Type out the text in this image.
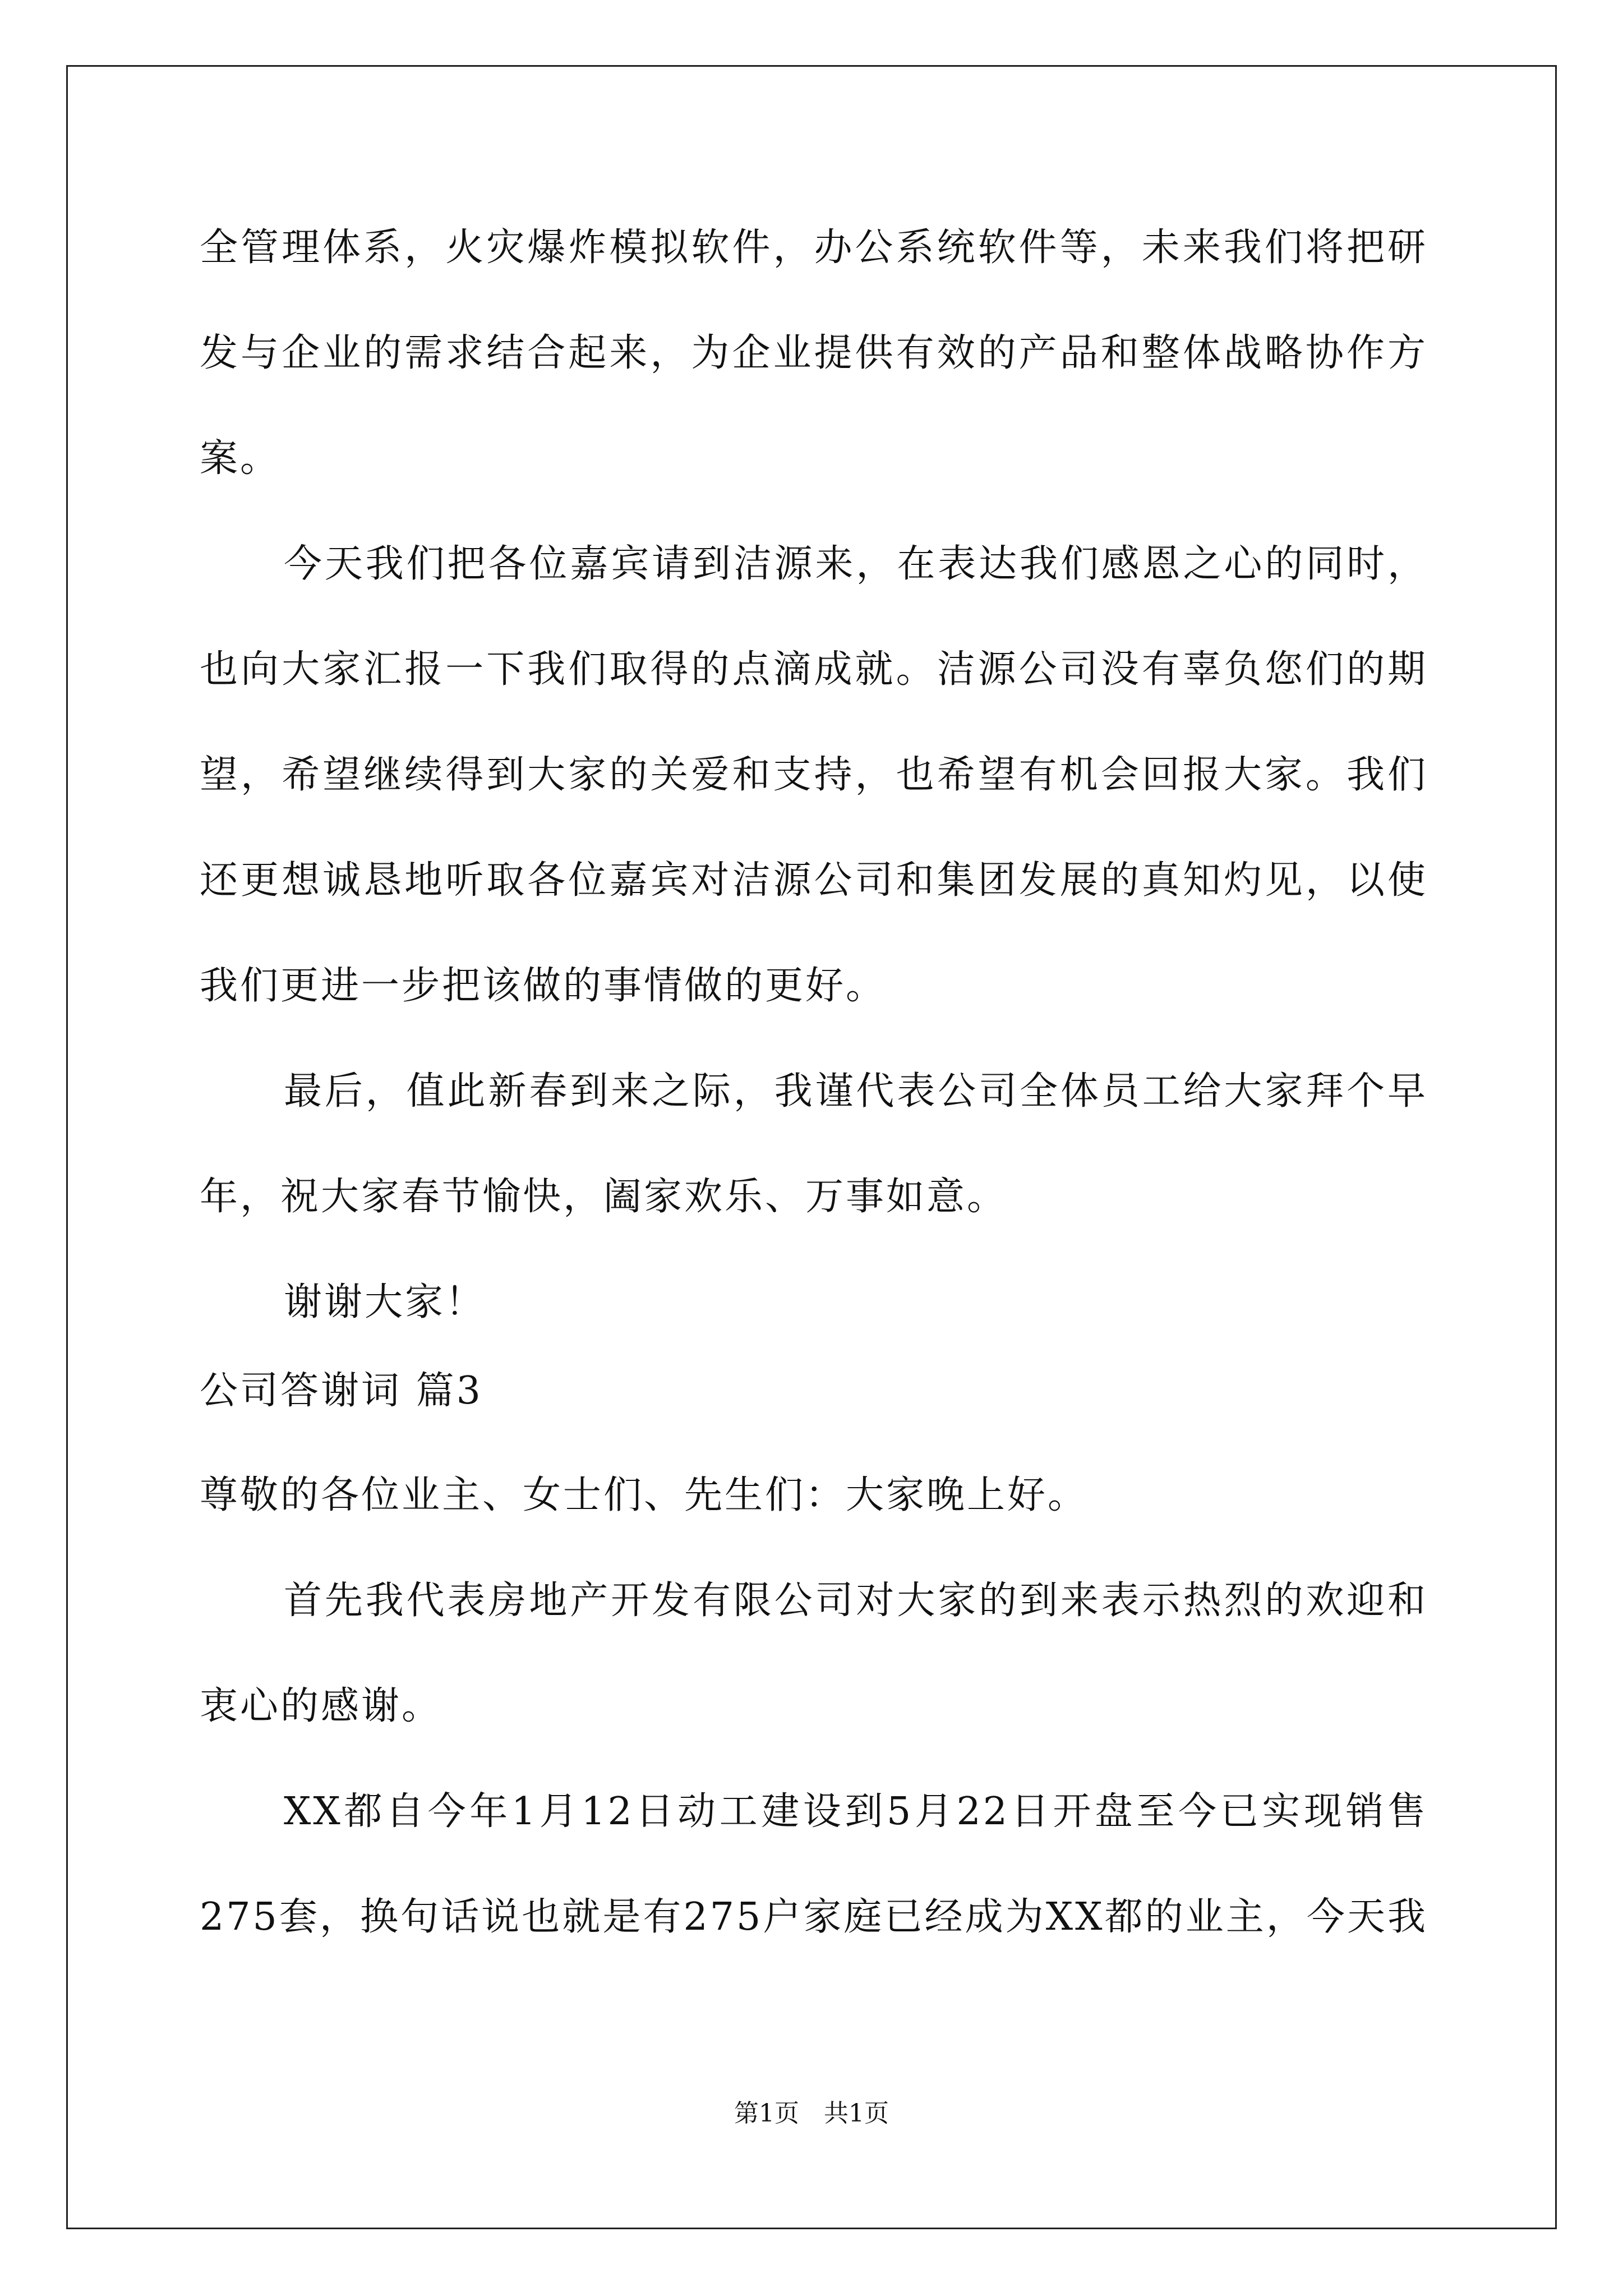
全管理体系，火灾爆炸模拟软件，办公系统软件等，未来我们将把研
发与企业的需求结合起来，为企业提供有效的产品和整体战略协作方
案。
今天我们把各位嘉宾请到洁源来，在表达我们感恩之心的同时，
也向大家汇报一下我们取得的点滴成就。洁源公司没有辜负您们的期
望，希望继续得到大家的关爱和支持，也希望有机会回报大家。我们
还更想诚恳地听取各位嘉宾对洁源公司和集团发展的真知灼见，以使
我们更进一步把该做的事情做的更好。
最后，值此新春到来之际，我谨代表公司全体员工给大家拜个早
年，祝大家春节愉快，阖家欢乐、万事如意。
谢谢大家！
公司答谢词 篇3
尊敬的各位业主、女士们、先生们：大家晚上好。
首先我代表房地产开发有限公司对大家的到来表示热烈的欢迎和
衷心的感谢。
XX都自今年1月12日动工建设到5月22日开盘至今已实现销售
275套，换句话说也就是有275户家庭已经成为XX都的业主，今天我
第1页　共1页
